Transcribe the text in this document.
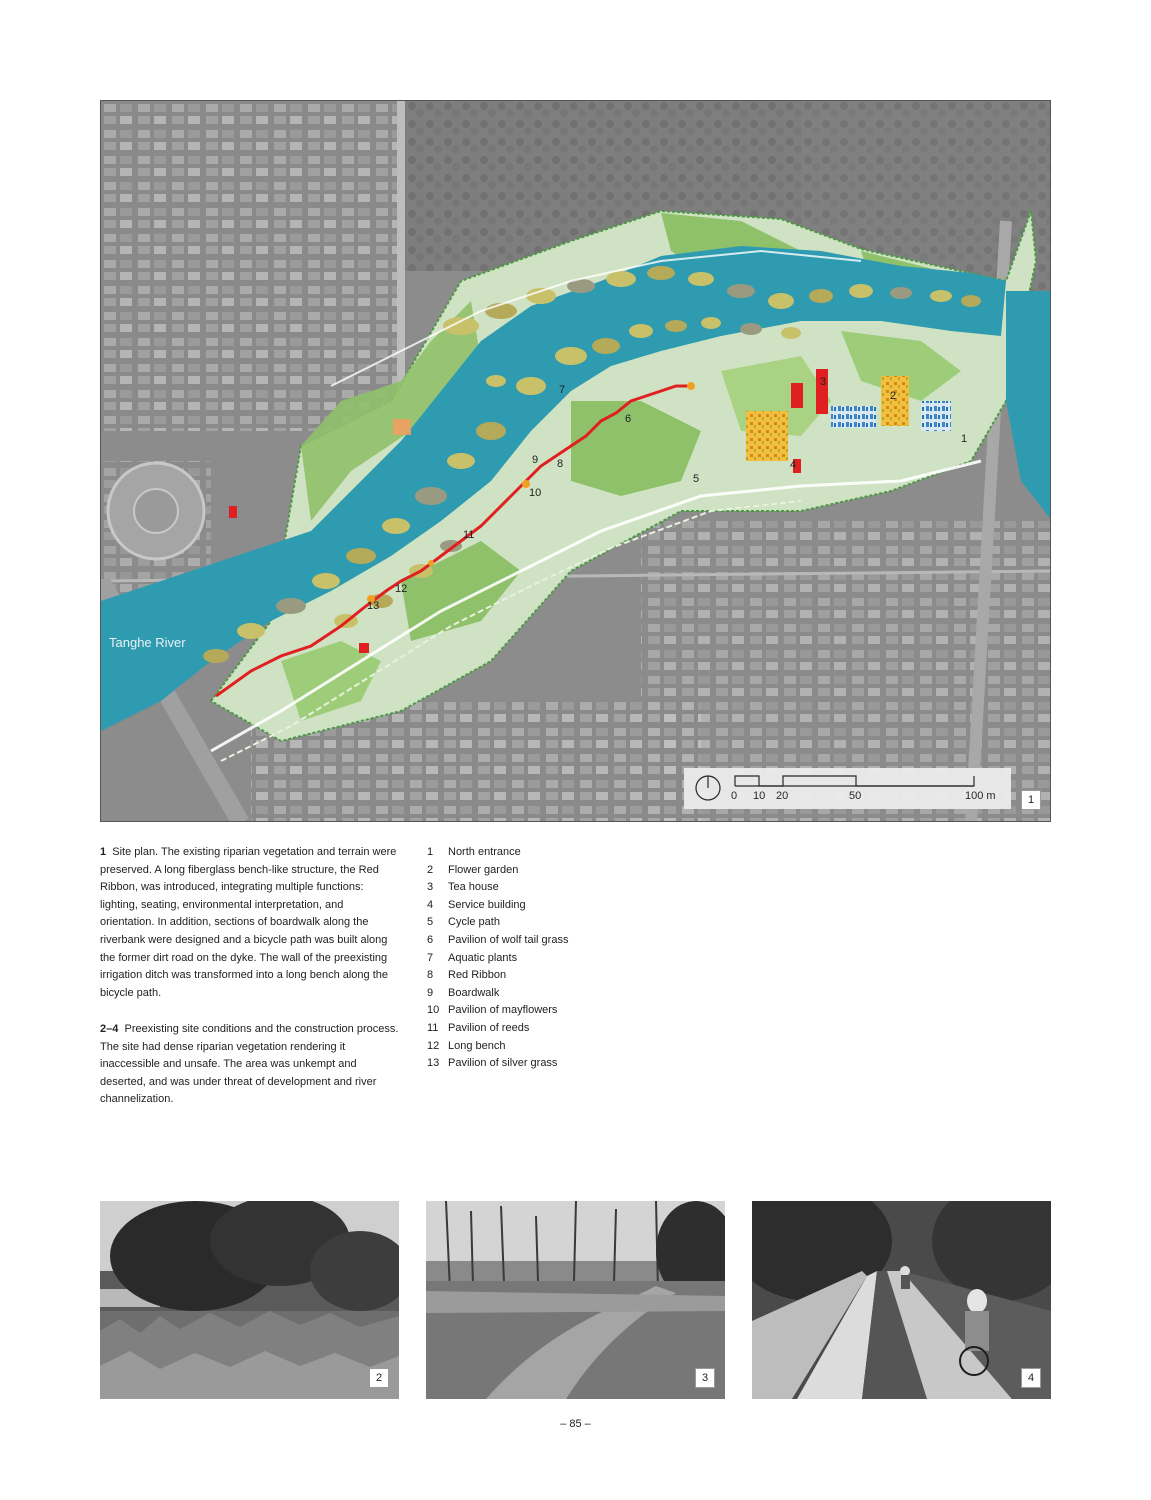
Tanghe River
1
2
3
4
5
6
7
8
9
10
11
12
13
0 10 20	50	100 m	1
1 Site plan. The existing riparian vegetation and terrain were preserved. A long fiberglass bench-like structure, the Red Ribbon, was introduced, integrating multiple functions: lighting, seating, environmental interpretation, and orientation. In addition, sections of boardwalk along the riverbank were designed and a bicycle path was built along the former dirt road on the dyke. The wall of the preexisting irrigation ditch was transformed into a long bench along the bicycle path.
2–4 Preexisting site conditions and the construction process. The site had dense riparian vegetation rendering it inaccessible and unsafe. The area was unkempt and deserted, and was under threat of development and river channelization.
1	North entrance
2	Flower garden
3	Tea house
4	Service building
5	Cycle path
6	Pavilion of wolf tail grass
7	Aquatic plants
8	Red Ribbon
9	Boardwalk
10 Pavilion of mayflowers
11 Pavilion of reeds
12 Long bench
13 Pavilion of silver grass
2	3	4
– 85 –
